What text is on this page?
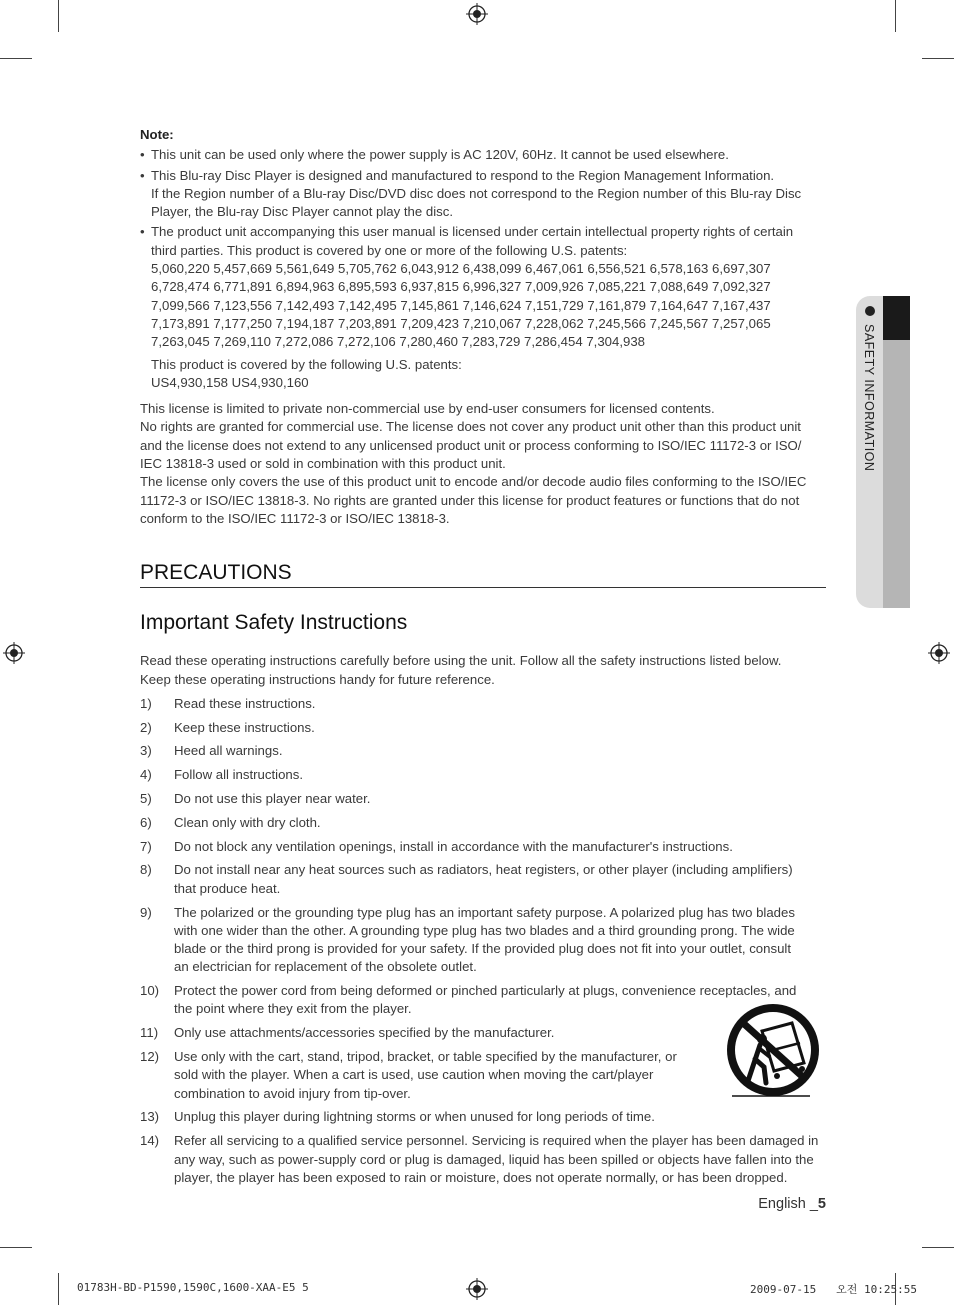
SAFETY INFORMATION
Note:
• This unit can be used only where the power supply is AC 120V, 60Hz. It cannot be used elsewhere.
• This Blu-ray Disc Player is designed and manufactured to respond to the Region Management Information.
If the Region number of a Blu-ray Disc/DVD disc does not correspond to the Region number of this Blu-ray Disc
Player, the Blu-ray Disc Player cannot play the disc.
• The product unit accompanying this user manual is licensed under certain intellectual property rights of certain
third parties. This product is covered by one or more of the following U.S. patents:
5,060,220 5,457,669 5,561,649 5,705,762 6,043,912 6,438,099 6,467,061 6,556,521 6,578,163 6,697,307
6,728,474 6,771,891 6,894,963 6,895,593 6,937,815 6,996,327 7,009,926 7,085,221 7,088,649 7,092,327
7,099,566 7,123,556 7,142,493 7,142,495 7,145,861 7,146,624 7,151,729 7,161,879 7,164,647 7,167,437
7,173,891 7,177,250 7,194,187 7,203,891 7,209,423 7,210,067 7,228,062 7,245,566 7,245,567 7,257,065
7,263,045 7,269,110 7,272,086 7,272,106 7,280,460 7,283,729 7,286,454 7,304,938
This product is covered by the following U.S. patents:
US4,930,158 US4,930,160
This license is limited to private non-commercial use by end-user consumers for licensed contents.
No rights are granted for commercial use. The license does not cover any product unit other than this product unit
and the license does not extend to any unlicensed product unit or process conforming to ISO/IEC 11172-3 or ISO/
IEC 13818-3 used or sold in combination with this product unit.
The license only covers the use of this product unit to encode and/or decode audio files conforming to the ISO/IEC
11172-3 or ISO/IEC 13818-3. No rights are granted under this license for product features or functions that do not
conform to the ISO/IEC 11172-3 or ISO/IEC 13818-3.
PRECAUTIONS
Important Safety Instructions
Read these operating instructions carefully before using the unit. Follow all the safety instructions listed below.
Keep these operating instructions handy for future reference.
1) Read these instructions.
2) Keep these instructions.
3) Heed all warnings.
4) Follow all instructions.
5) Do not use this player near water.
6) Clean only with dry cloth.
7) Do not block any ventilation openings, install in accordance with the manufacturer's instructions.
8) Do not install near any heat sources such as radiators, heat registers, or other player (including amplifiers)
that produce heat.
9) The polarized or the grounding type plug has an important safety purpose. A polarized plug has two blades
with one wider than the other. A grounding type plug has two blades and a third grounding prong. The wide
blade or the third prong is provided for your safety. If the provided plug does not fit into your outlet, consult
an electrician for replacement of the obsolete outlet.
10) Protect the power cord from being deformed or pinched particularly at plugs, convenience receptacles, and
the point where they exit from the player.
11) Only use attachments/accessories specified by the manufacturer.
12) Use only with the cart, stand, tripod, bracket, or table specified by the manufacturer, or
sold with the player. When a cart is used, use caution when moving the cart/player
combination to avoid injury from tip-over.
13) Unplug this player during lightning storms or when unused for long periods of time.
14) Refer all servicing to a qualified service personnel. Servicing is required when the player has been damaged in
any way, such as power-supply cord or plug is damaged, liquid has been spilled or objects have fallen into the
player, the player has been exposed to rain or moisture, does not operate normally, or has been dropped.
English _5
01783H-BD-P1590,1590C,1600-XAA-E5 5	2009-07-15   오전 10:25:55
